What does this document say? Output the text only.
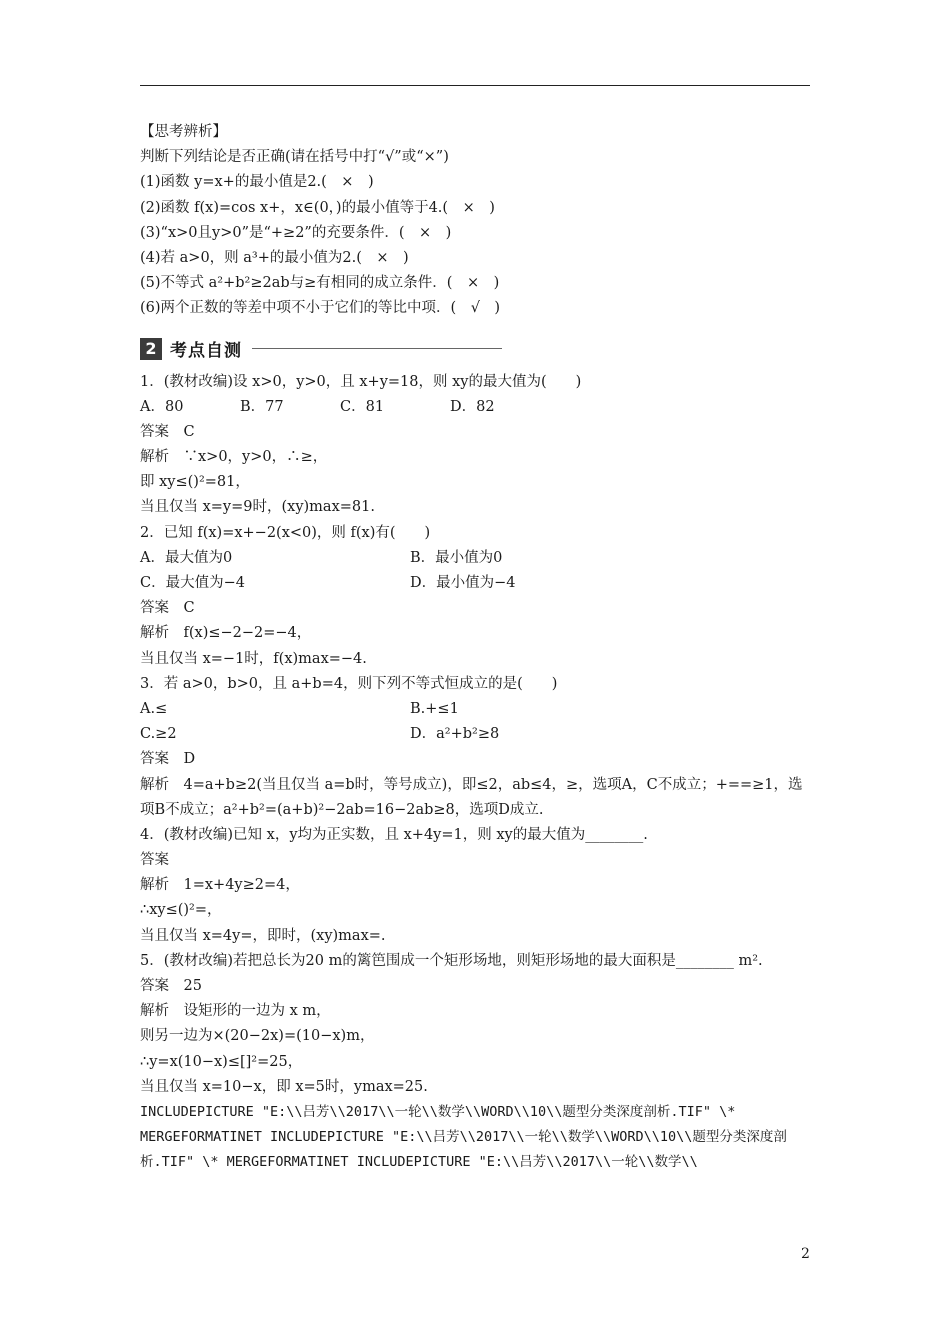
【思考辨析】
判断下列结论是否正确(请在括号中打“√”或“×”)
(1)函数 y=x+的最小值是2.(　×　)
(2)函数 f(x)=cos x+，x∈(0，)的最小值等于4.(　×　)
(3)“x>0且y>0”是“+≥2”的充要条件．(　×　)
(4)若 a>0，则 a³+的最小值为2.(　×　)
(5)不等式 a²+b²≥2ab与≥有相同的成立条件．(　×　)
(6)两个正数的等差中项不小于它们的等比中项．(　√　)
2 考点自测
1．(教材改编)设 x>0，y>0，且 x+y=18，则 xy的最大值为(　　)
A．80	B．77	C．81	D．82
答案　C
解析　∵x>0，y>0，∴≥，
即 xy≤()²=81，
当且仅当 x=y=9时，(xy)max=81.
2．已知 f(x)=x+−2(x<0)，则 f(x)有(　　)
A．最大值为0	B．最小值为0
C．最大值为−4	D．最小值为−4
答案　C
解析　f(x)≤−2−2=−4，
当且仅当 x=−1时，f(x)max=−4.
3．若 a>0，b>0，且 a+b=4，则下列不等式恒成立的是(　　)
A.≤	B.+≤1
C.≥2	D．a²+b²≥8
答案　D
解析　4=a+b≥2(当且仅当 a=b时，等号成立)，即≤2，ab≤4，≥，选项A，C不成立；+==≥1，选项B不成立；a²+b²=(a+b)²−2ab=16−2ab≥8，选项D成立.
4．(教材改编)已知 x，y均为正实数，且 x+4y=1，则 xy的最大值为________.
答案
解析　1=x+4y≥2=4，
∴xy≤()²=，
当且仅当 x=4y=，即时，(xy)max=.
5．(教材改编)若把总长为20 m的篱笆围成一个矩形场地，则矩形场地的最大面积是________ m².
答案　25
解析　设矩形的一边为 x m，
则另一边为×(20−2x)=(10−x)m，
∴y=x(10−x)≤[]²=25，
当且仅当 x=10−x，即 x=5时，ymax=25.
INCLUDEPICTURE "E:\\吕芳\\2017\\一轮\\数学\\WORD\\10\\题型分类深度剖析.TIF" \* MERGEFORMATINET INCLUDEPICTURE "E:\\吕芳\\2017\\一轮\\数学\\WORD\\10\\题型分类深度剖析.TIF" \* MERGEFORMATINET INCLUDEPICTURE "E:\\吕芳\\2017\\一轮\\数学\\
2
